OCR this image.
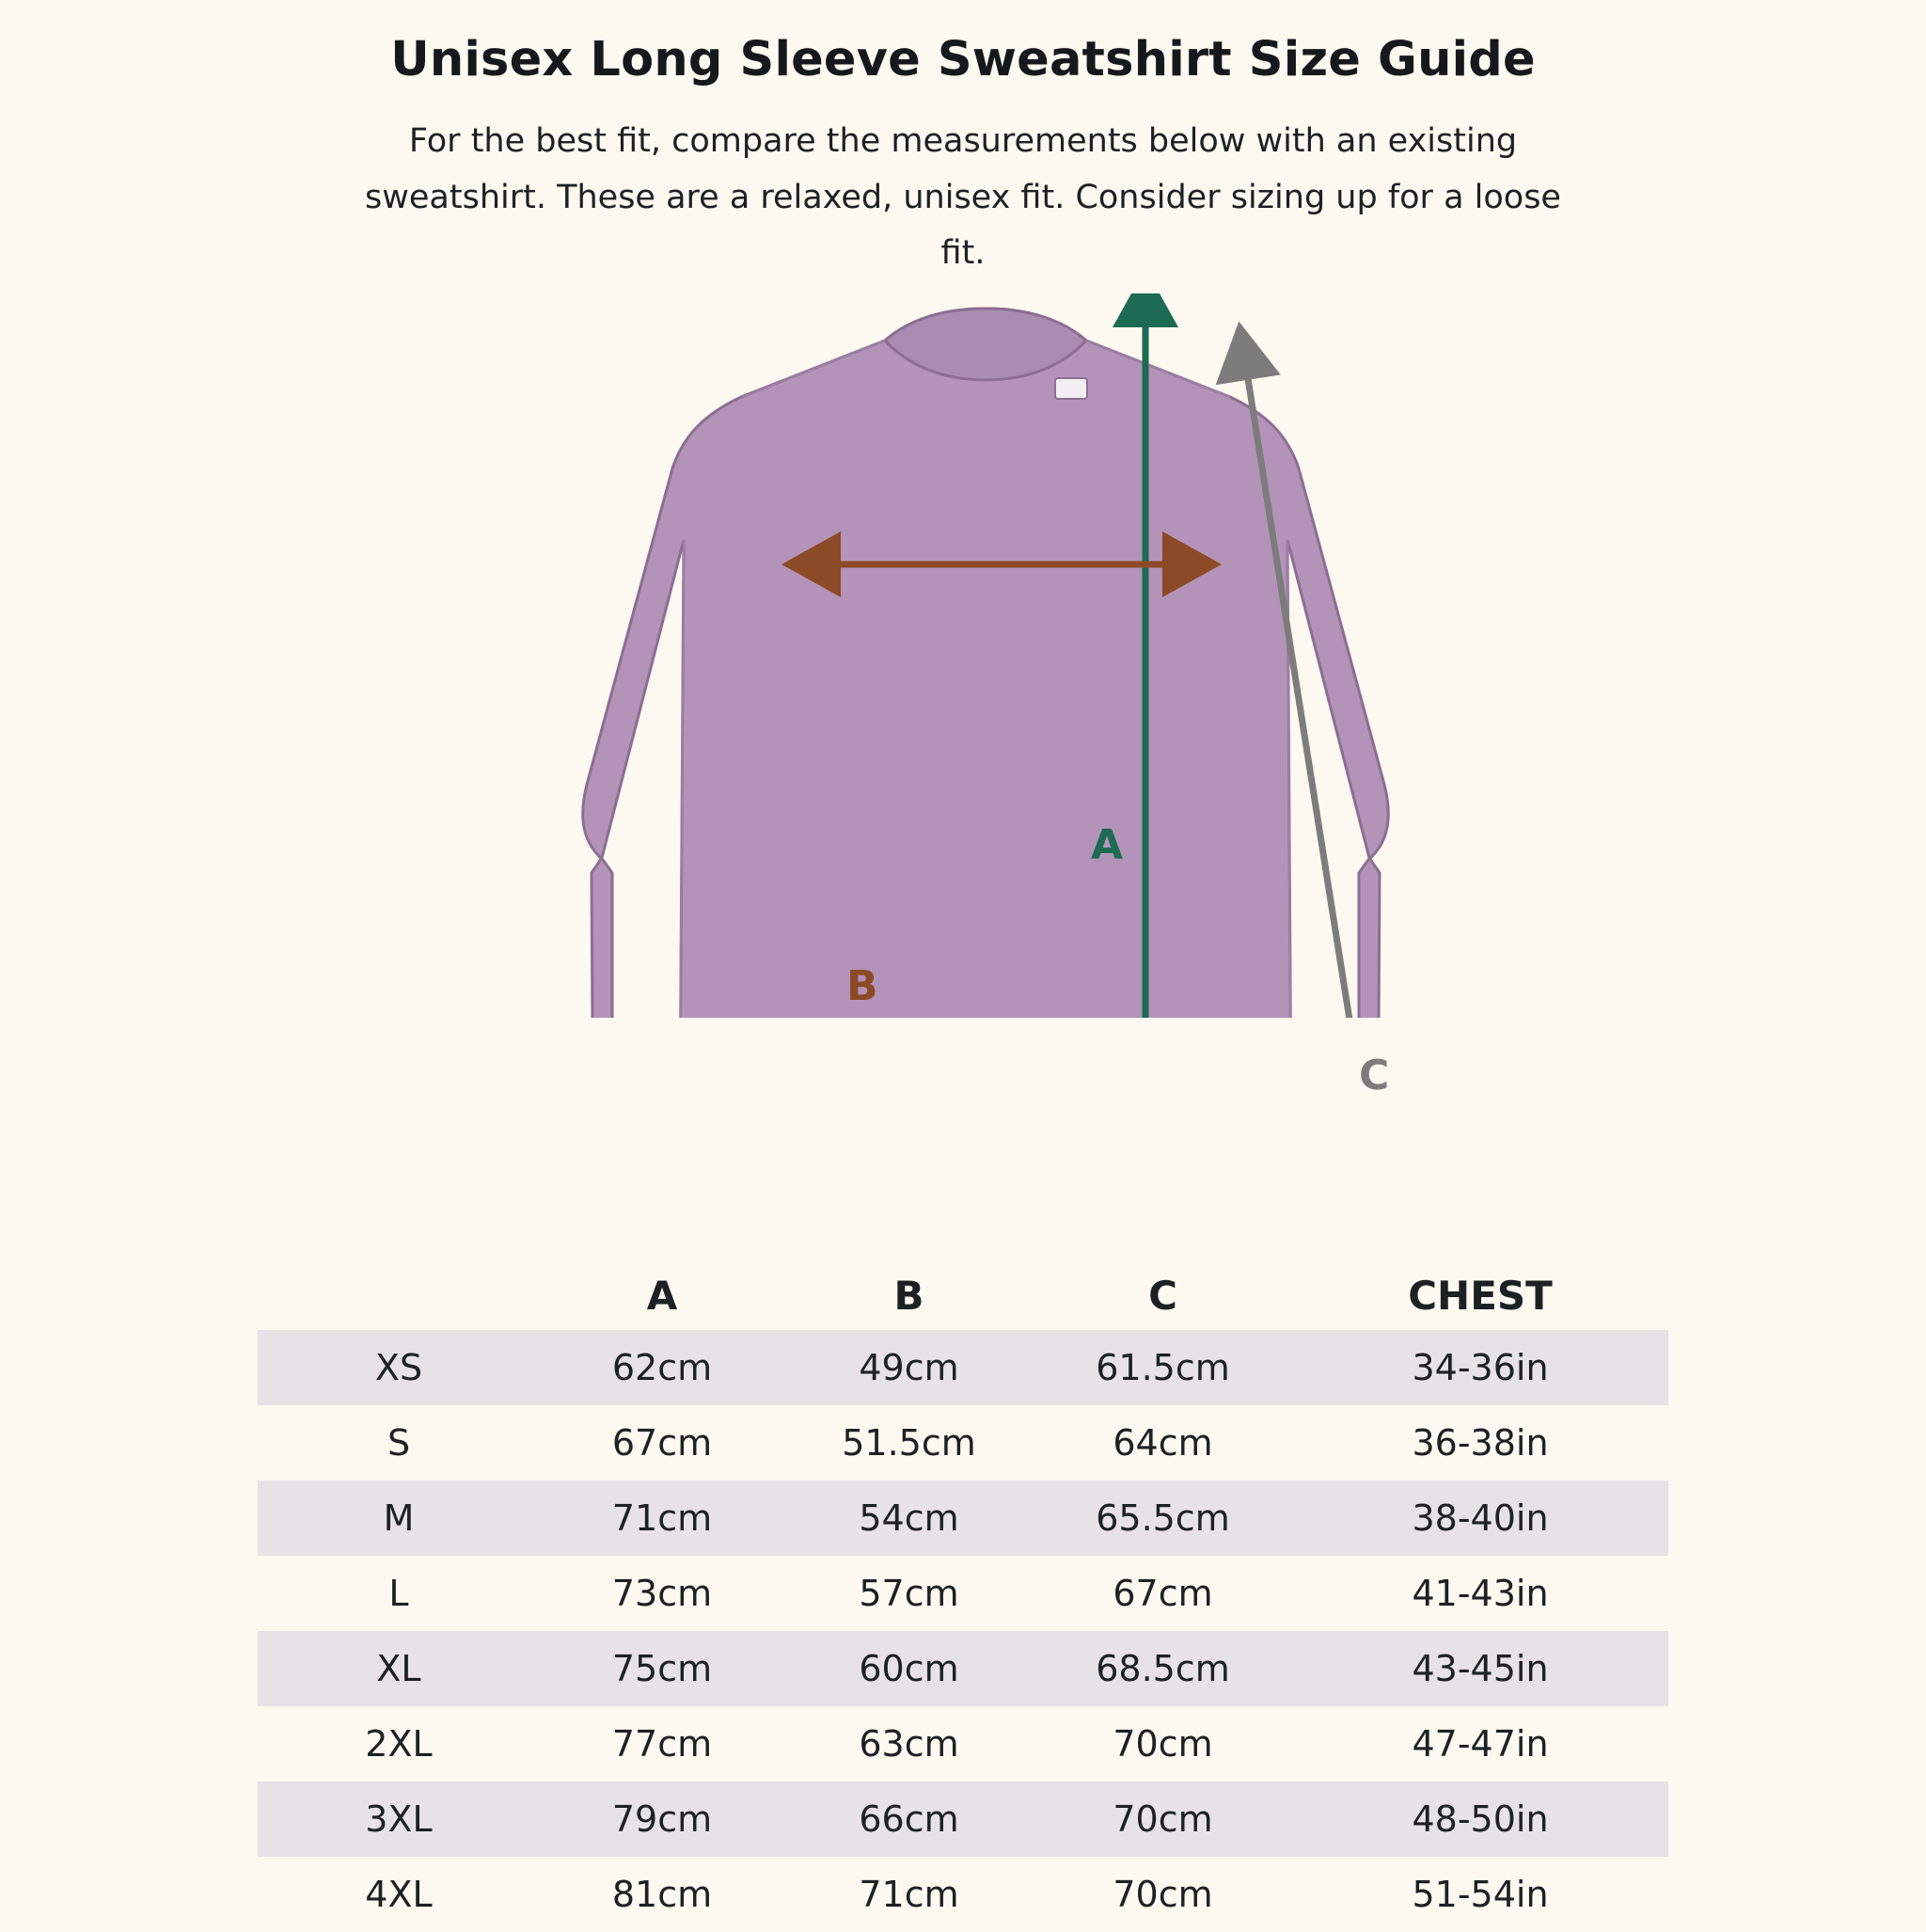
Unisex Long Sleeve Sweatshirt Size Guide

For the best fit, compare the measurements below with an existing sweatshirt. These are a relaxed, unisex fit. Consider sizing up for a loose fit.

A
B
C
	A	B	C	CHEST
XS	62cm	49cm	61.5cm	34-36in
S	67cm	51.5cm	64cm	36-38in
M	71cm	54cm	65.5cm	38-40in
L	73cm	57cm	67cm	41-43in
XL	75cm	60cm	68.5cm	43-45in
2XL	77cm	63cm	70cm	47-47in
3XL	79cm	66cm	70cm	48-50in
4XL	81cm	71cm	70cm	51-54in
